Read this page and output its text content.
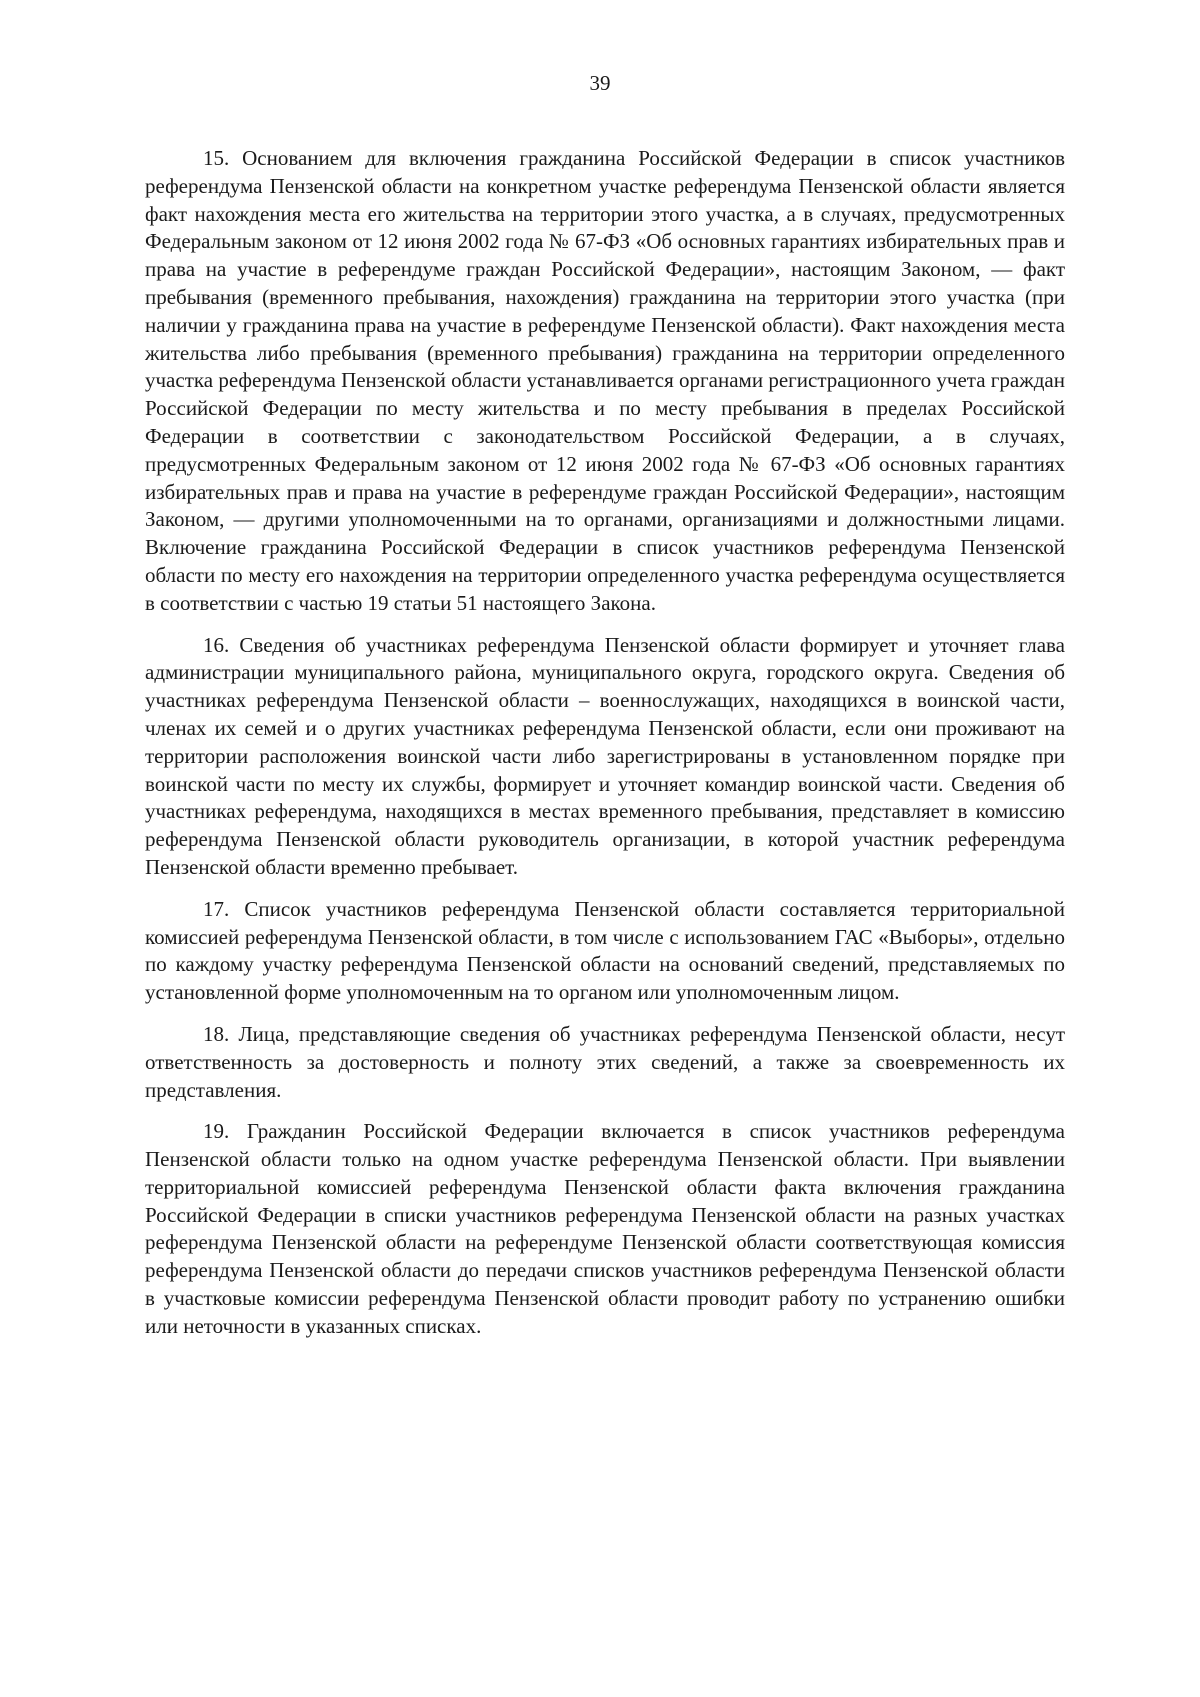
39

15. Основанием для включения гражданина Российской Федерации в список участников референдума Пензенской области на конкретном участке референдума Пензенской области является факт нахождения места его жительства на территории этого участка, а в случаях, предусмотренных Федеральным законом от 12 июня 2002 года № 67-ФЗ «Об основных гарантиях избирательных прав и права на участие в референдуме граждан Российской Федерации», настоящим Законом, — факт пребывания (временного пребывания, нахождения) гражданина на территории этого участка (при наличии у гражданина права на участие в референдуме Пензенской области). Факт нахождения места жительства либо пребывания (временного пребывания) гражданина на территории определенного участка референдума Пензенской области устанавливается органами регистрационного учета граждан Российской Федерации по месту жительства и по месту пребывания в пределах Российской Федерации в соответствии с законодательством Российской Федерации, а в случаях, предусмотренных Федеральным законом от 12 июня 2002 года № 67-ФЗ «Об основных гарантиях избирательных прав и права на участие в референдуме граждан Российской Федерации», настоящим Законом, — другими уполномоченными на то органами, организациями и должностными лицами. Включение гражданина Российской Федерации в список участников референдума Пензенской области по месту его нахождения на территории определенного участка референдума осуществляется в соответствии с частью 19 статьи 51 настоящего Закона.

16. Сведения об участниках референдума Пензенской области формирует и уточняет глава администрации муниципального района, муниципального округа, городского округа. Сведения об участниках референдума Пензенской области – военнослужащих, находящихся в воинской части, членах их семей и о других участниках референдума Пензенской области, если они проживают на территории расположения воинской части либо зарегистрированы в установленном порядке при воинской части по месту их службы, формирует и уточняет командир воинской части. Сведения об участниках референдума, находящихся в местах временного пребывания, представляет в комиссию референдума Пензенской области руководитель организации, в которой участник референдума Пензенской области временно пребывает.

17. Список участников референдума Пензенской области составляется территориальной комиссией референдума Пензенской области, в том числе с использованием ГАС «Выборы», отдельно по каждому участку референдума Пензенской области на оснований сведений, представляемых по установленной форме уполномоченным на то органом или уполномоченным лицом.

18. Лица, представляющие сведения об участниках референдума Пензенской области, несут ответственность за достоверность и полноту этих сведений, а также за своевременность их представления.

19. Гражданин Российской Федерации включается в список участников референдума Пензенской области только на одном участке референдума Пензенской области. При выявлении территориальной комиссией референдума Пензенской области факта включения гражданина Российской Федерации в списки участников референдума Пензенской области на разных участках референдума Пензенской области на референдуме Пензенской области соответствующая комиссия референдума Пензенской области до передачи списков участников референдума Пензенской области в участковые комиссии референдума Пензенской области проводит работу по устранению ошибки или неточности в указанных списках.
